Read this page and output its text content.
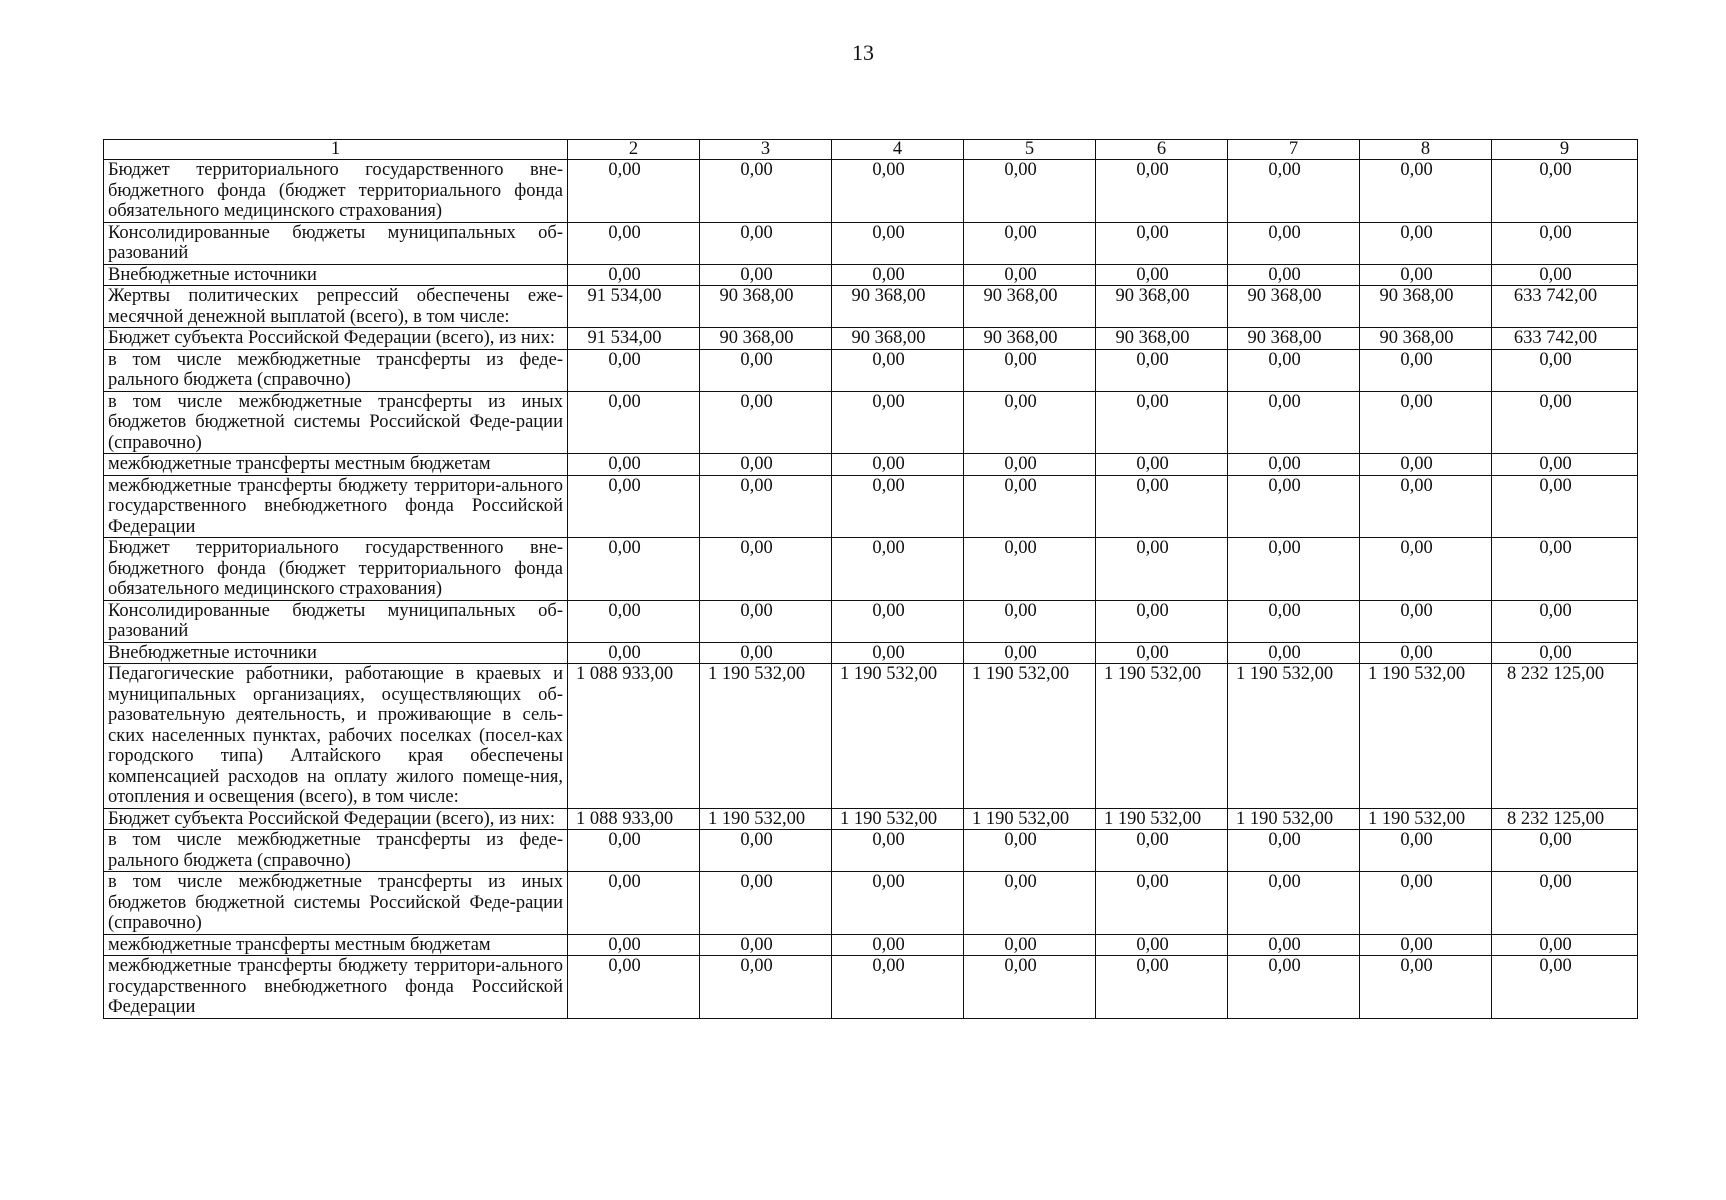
13
1	2	3	4	5	6	7	8	9
Бюджет территориального государственного вне-бюджетного фонда (бюджет территориального фонда обязательного медицинского страхования)	0,00	0,00	0,00	0,00	0,00	0,00	0,00	0,00
Консолидированные бюджеты муниципальных об-разований	0,00	0,00	0,00	0,00	0,00	0,00	0,00	0,00
Внебюджетные источники	0,00	0,00	0,00	0,00	0,00	0,00	0,00	0,00
Жертвы политических репрессий обеспечены еже-месячной денежной выплатой (всего), в том числе:	91 534,00	90 368,00	90 368,00	90 368,00	90 368,00	90 368,00	90 368,00	633 742,00
Бюджет субъекта Российской Федерации (всего), из них:	91 534,00	90 368,00	90 368,00	90 368,00	90 368,00	90 368,00	90 368,00	633 742,00
в том числе межбюджетные трансферты из феде-рального бюджета (справочно)	0,00	0,00	0,00	0,00	0,00	0,00	0,00	0,00
в том числе межбюджетные трансферты из иных бюджетов бюджетной системы Российской Феде-рации (справочно)	0,00	0,00	0,00	0,00	0,00	0,00	0,00	0,00
межбюджетные трансферты местным бюджетам	0,00	0,00	0,00	0,00	0,00	0,00	0,00	0,00
межбюджетные трансферты бюджету территори-ального государственного внебюджетного фонда Российской Федерации	0,00	0,00	0,00	0,00	0,00	0,00	0,00	0,00
Бюджет территориального государственного вне-бюджетного фонда (бюджет территориального фонда обязательного медицинского страхования)	0,00	0,00	0,00	0,00	0,00	0,00	0,00	0,00
Консолидированные бюджеты муниципальных об-разований	0,00	0,00	0,00	0,00	0,00	0,00	0,00	0,00
Внебюджетные источники	0,00	0,00	0,00	0,00	0,00	0,00	0,00	0,00
Педагогические работники, работающие в краевых и муниципальных организациях, осуществляющих об-разовательную деятельность, и проживающие в сель-ских населенных пунктах, рабочих поселках (посел-ках городского типа) Алтайского края обеспечены компенсацией расходов на оплату жилого помеще-ния, отопления и освещения (всего), в том числе:	1 088 933,00	1 190 532,00	1 190 532,00	1 190 532,00	1 190 532,00	1 190 532,00	1 190 532,00	8 232 125,00
Бюджет субъекта Российской Федерации (всего), из них:	1 088 933,00	1 190 532,00	1 190 532,00	1 190 532,00	1 190 532,00	1 190 532,00	1 190 532,00	8 232 125,00
в том числе межбюджетные трансферты из феде-рального бюджета (справочно)	0,00	0,00	0,00	0,00	0,00	0,00	0,00	0,00
в том числе межбюджетные трансферты из иных бюджетов бюджетной системы Российской Феде-рации (справочно)	0,00	0,00	0,00	0,00	0,00	0,00	0,00	0,00
межбюджетные трансферты местным бюджетам	0,00	0,00	0,00	0,00	0,00	0,00	0,00	0,00
межбюджетные трансферты бюджету территори-ального государственного внебюджетного фонда Российской Федерации	0,00	0,00	0,00	0,00	0,00	0,00	0,00	0,00
